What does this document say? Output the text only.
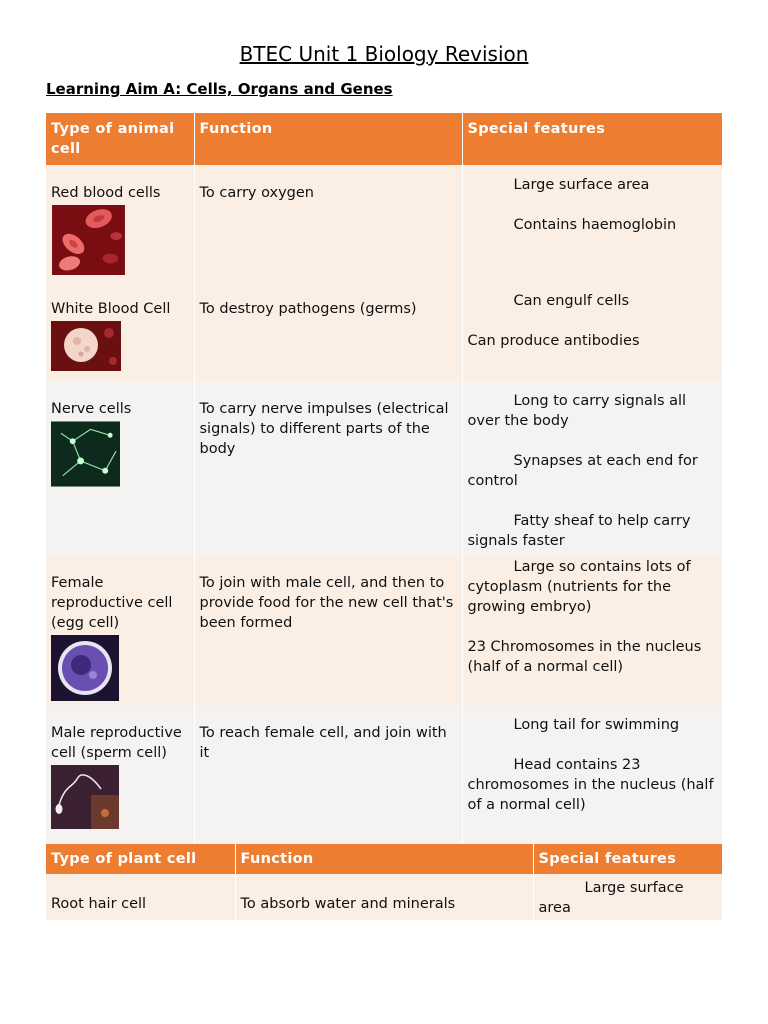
BTEC Unit 1 Biology Revision
Learning Aim A: Cells, Organs and Genes
Type of animal cell	Function	Special features

Red blood cells	To carry oxygen	Large surface area

Contains haemoglobin

White Blood Cell	To destroy pathogens (germs)	Can engulf cells

Can produce antibodies

Nerve cells	To carry nerve impulses (electrical signals) to different parts of the body	Long to carry signals all over the body

Synapses at each end for control

Fatty sheaf to help carry signals faster

Female reproductive cell (egg cell)	To join with male cell, and then to provide food for the new cell that's been formed	Large so contains lots of cytoplasm (nutrients for the growing embryo)

23 Chromosomes in the nucleus (half of a normal cell)

Male reproductive cell (sperm cell)	To reach female cell, and join with it	Long tail for swimming

Head contains 23 chromosomes in the nucleus (half of a normal cell)

Type of plant cell	Function	Special features
Root hair cell	To absorb water and minerals	Large surface area
